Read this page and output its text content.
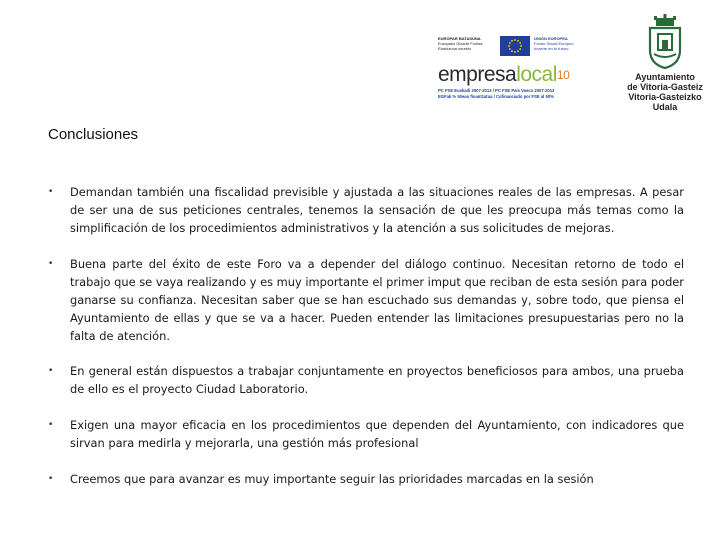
EUROPAR BATASUNA
Europako Gizarte Funtsa
Etorkizuna zurekin
UNIÓN EUROPEA
Fondo Social Europeo
Invierte en tu futuro
empresalocal$^{10}$
PC FSE Euskadi 2007-2013 / PC FSE País Vasco 2007-2013
EGFak % 50ean finantzatua / Cofinanciado por FSE al 50%
Ayuntamiento
de Vitoria-Gasteiz
Vitoria-Gasteizko
Udala
Conclusiones
• Demandan también una fiscalidad previsible y ajustada a las situaciones reales de las empresas. A pesar de ser una de sus peticiones centrales, tenemos la sensación de que les preocupa más temas como la simplificación de los procedimientos administrativos y la atención a sus solicitudes de mejoras.
• Buena parte del éxito de este Foro va a depender del diálogo continuo. Necesitan retorno de todo el trabajo que se vaya realizando y es muy importante el primer imput que reciban de esta sesión para poder ganarse su confianza. Necesitan saber que se han escuchado sus demandas y, sobre todo, que piensa el Ayuntamiento de ellas y que se va a hacer. Pueden entender las limitaciones presupuestarias pero no la falta de atención.
• En general están dispuestos a trabajar conjuntamente en proyectos beneficiosos para ambos, una prueba de ello es el proyecto Ciudad Laboratorio.
• Exigen una mayor eficacia en los procedimientos que dependen del Ayuntamiento, con indicadores que sirvan para medirla y mejorarla, una gestión más profesional
• Creemos que para avanzar es muy importante seguir las prioridades marcadas en la sesión
